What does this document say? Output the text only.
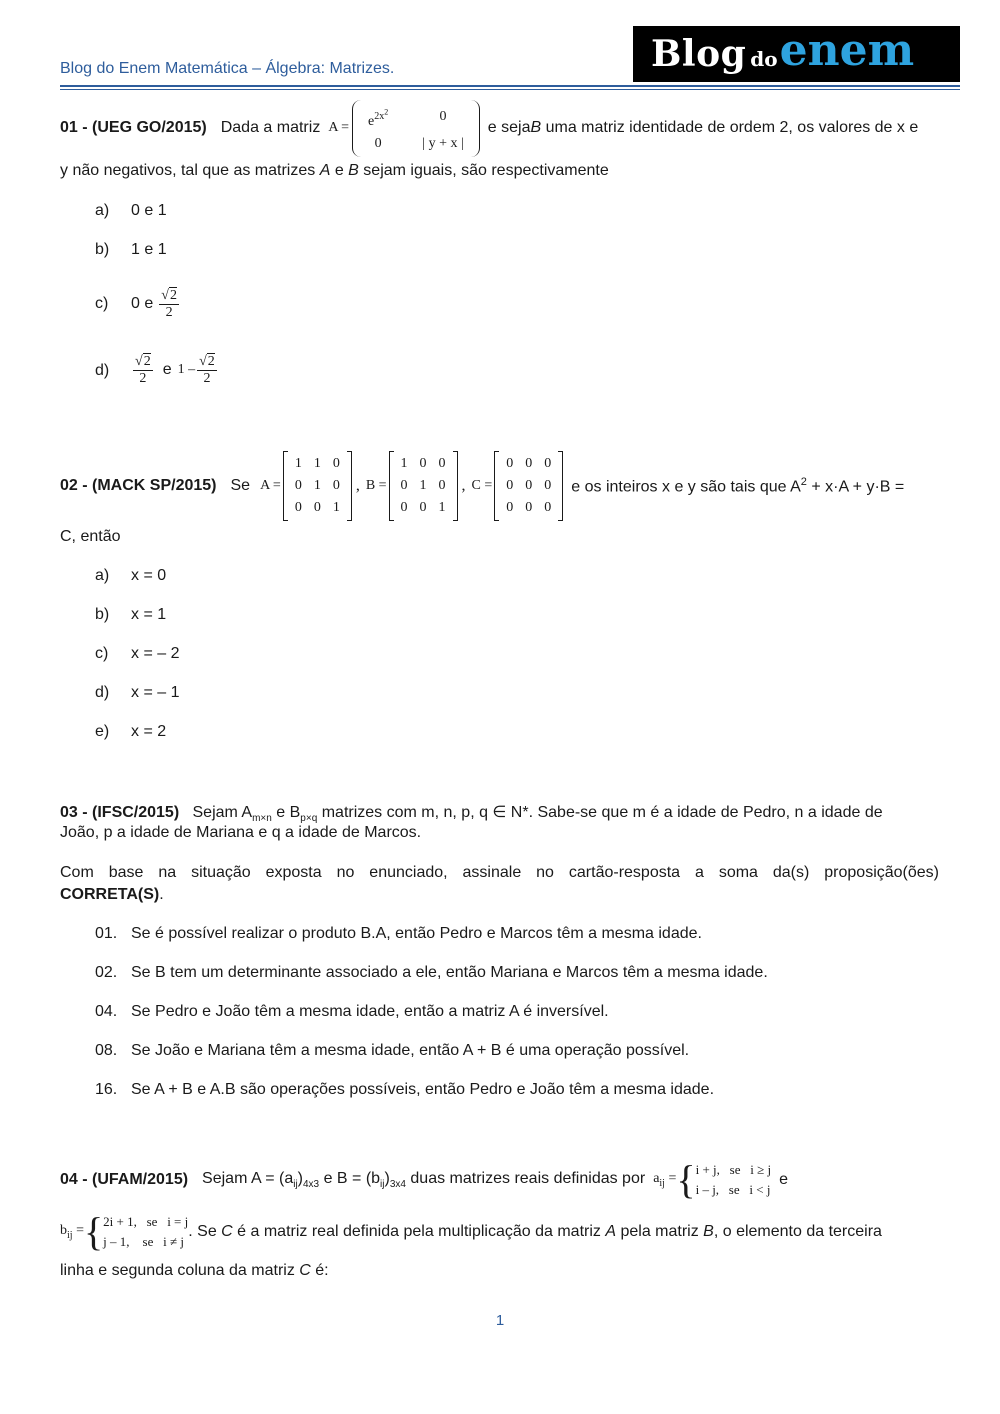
Blog do Enem Matemática – Álgebra: Matrizes.	Blog do enem
01 - (UEG GO/2015) Dada a matriz $A = e^{2x^2}$	0
0	| y + x |
e seja B uma matriz identidade de ordem 2, os valores de x e
y não negativos, tal que as matrizes A e B sejam iguais, são respectivamente
a) 0 e 1
b) 1 e 1
c) 0 e $\frac{√2}{2}$
$d) \frac{√2}{2}$ e $1 - \frac{√2}{2}$
02 - (MACK SP/2015) Se A =
1	1	0
0	1	0
0	0	1
, B =
1	0	0
0	1	0
0	0	1
, C =
0	0	0
0	0	0
0	0	0
e os inteiros x e y são tais que $A^2 + x\cdot A + y\cdot B$ =
C, então
a) x = 0
b) x = 1
c) x = – 2
d) x = – 1
e) x = 2
03 - (IFSC/2015) Sejam $A_{m\times n}$ e $B_{p\times q}$ matrizes com m, n, p, q ∈ N*. Sabe-se que m é a idade de Pedro, n a idade de
João, p a idade de Mariana e q a idade de Marcos.
Com base na situação exposta no enunciado, assinale no cartão-resposta a soma da(s) proposição(ões)
CORRETA(S).
01. Se é possível realizar o produto B.A, então Pedro e Marcos têm a mesma idade.
02. Se B tem um determinante associado a ele, então Mariana e Marcos têm a mesma idade.
04. Se Pedro e João têm a mesma idade, então a matriz A é inversível.
08. Se João e Mariana têm a mesma idade, então A + B é uma operação possível.
16. Se A + B e A.B são operações possíveis, então Pedro e João têm a mesma idade.
04 - (UFAM/2015) Sejam $A = (a_{ij})_{4x3}$ e $B = (b_{ij})_{3x4}$ duas matrizes reais definidas por $a_{ij}$ = { i + j,   se   i ≥ j
i – j,   se   i < j
e
$b_{ij}$ = { 2i + 1,   se   i = j
j – 1,    se   i ≠ j
. Se C é a matriz real definida pela multiplicação da matriz A pela matriz B, o elemento da terceira
linha e segunda coluna da matriz C é:
1
